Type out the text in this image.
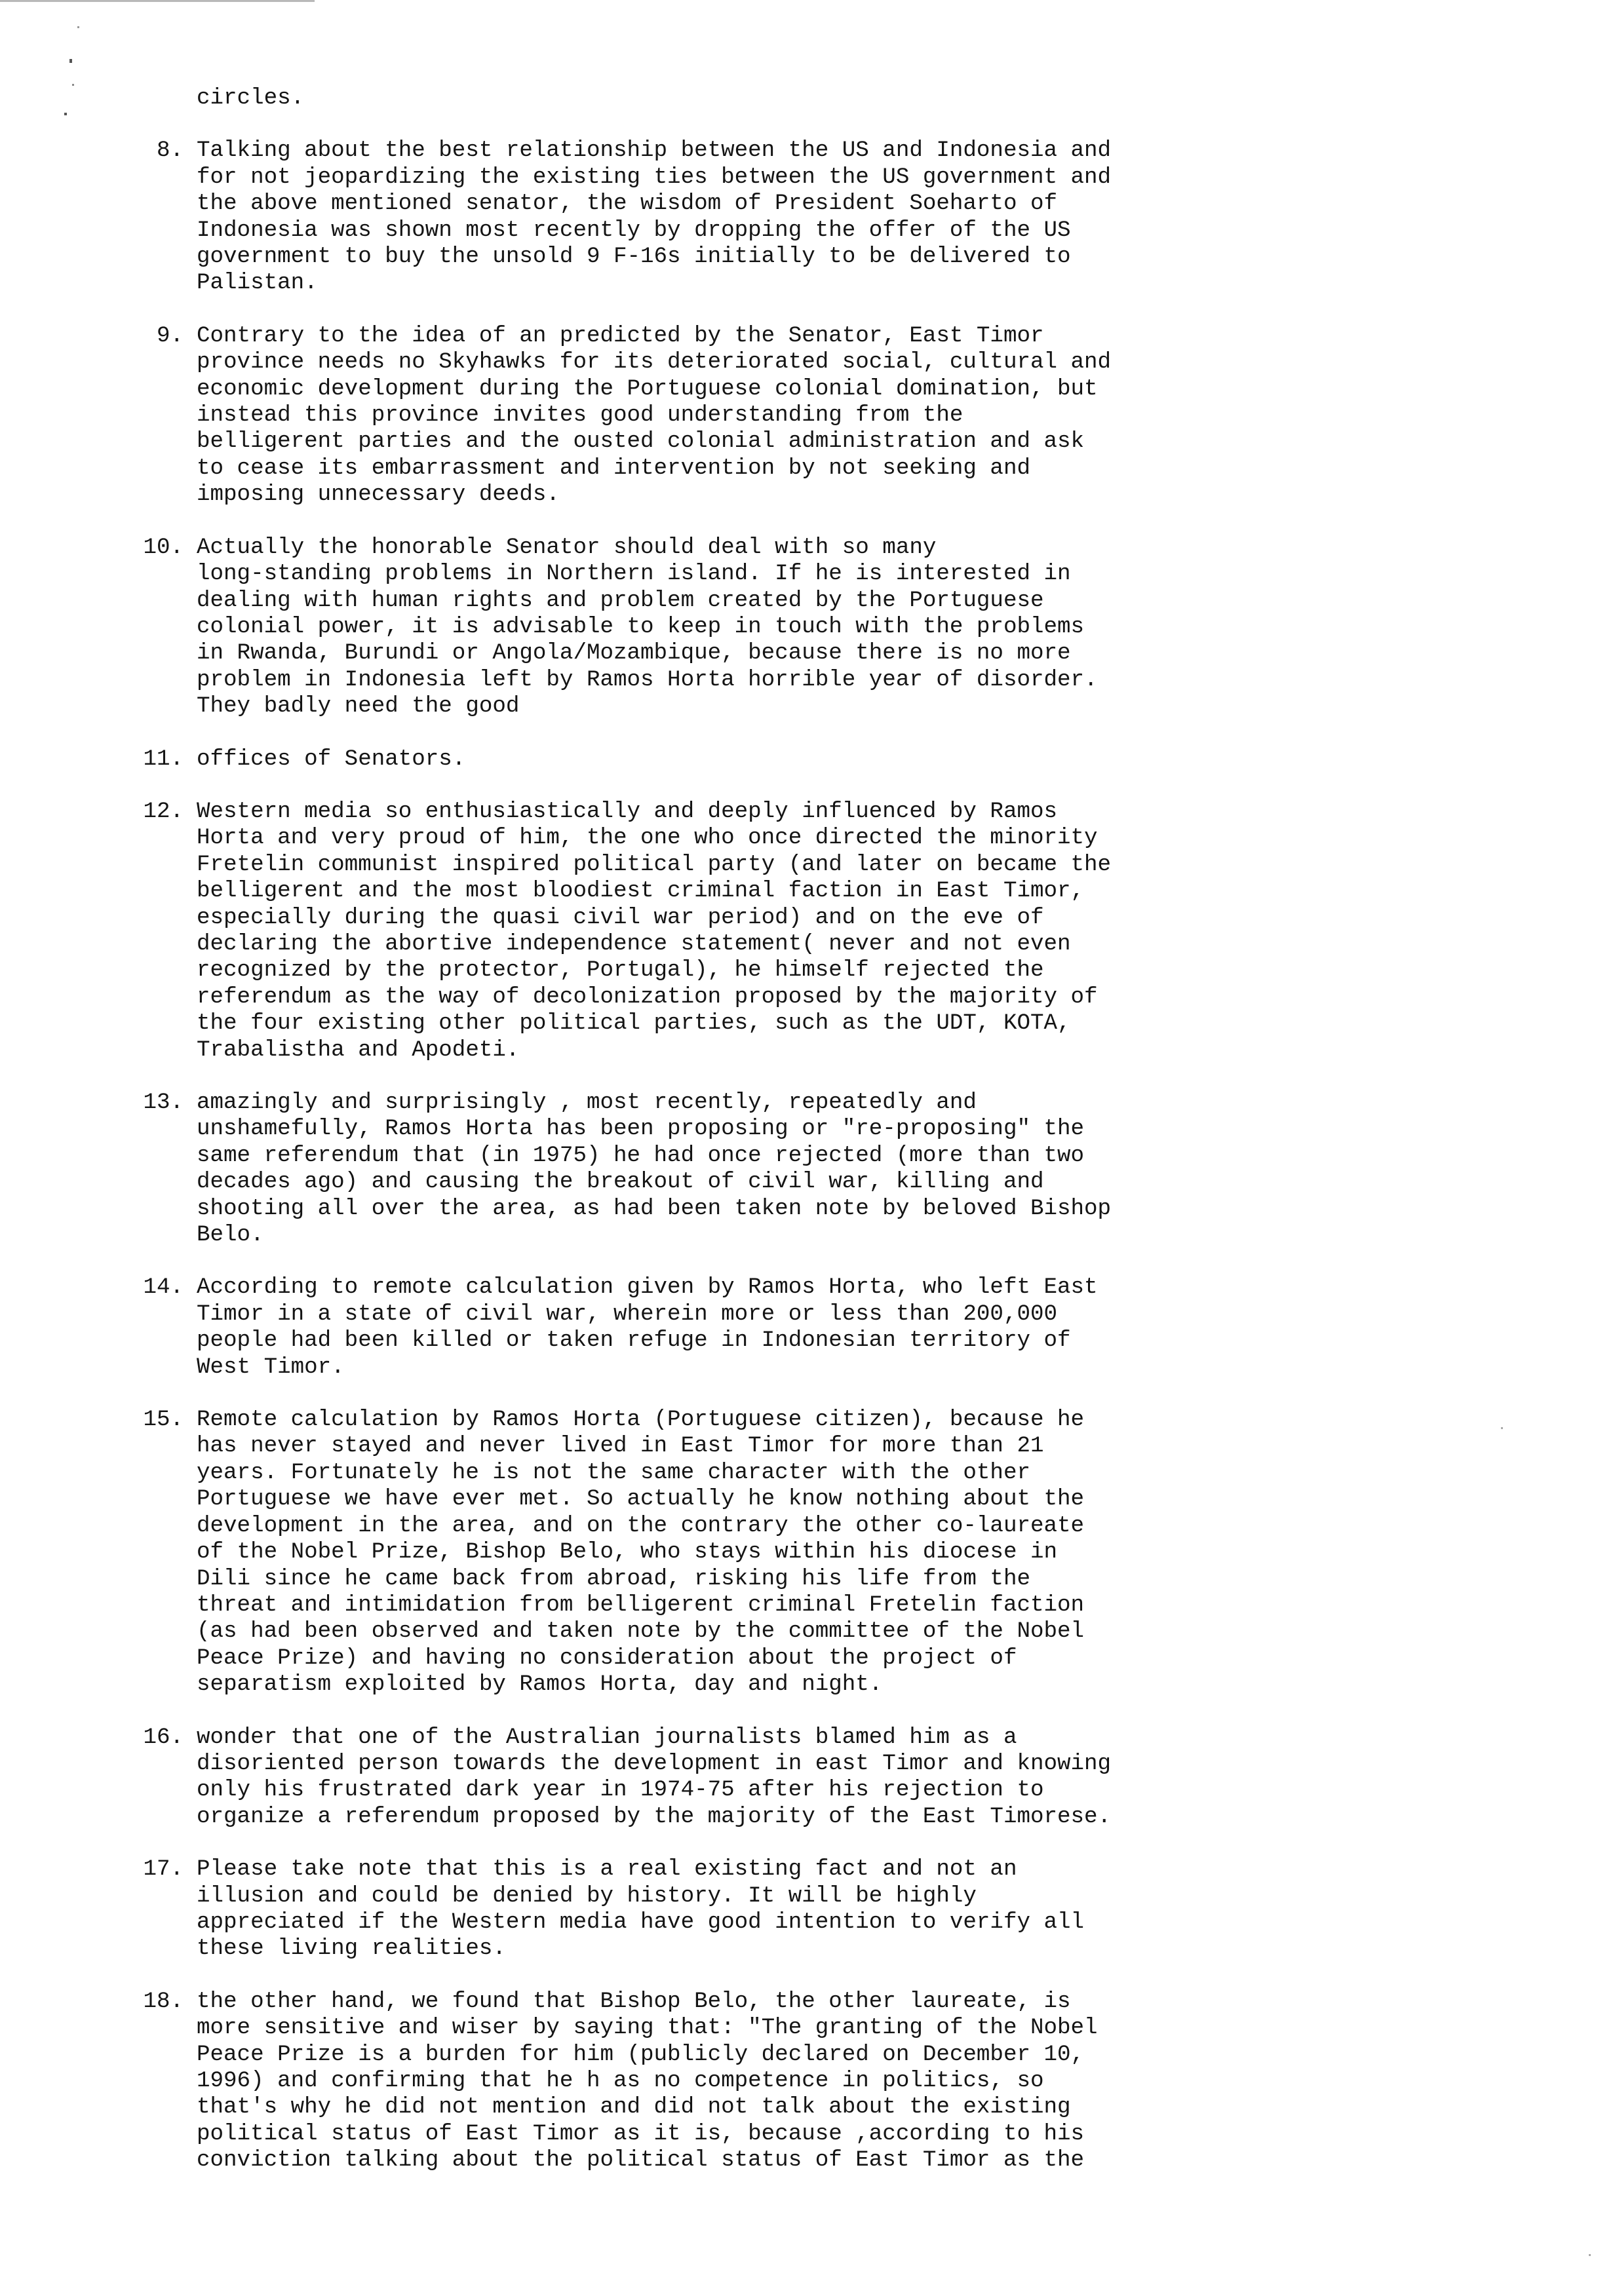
circles.
8. Talking about the best relationship between the US and Indonesia and
for not jeopardizing the existing ties between the US government and
the above mentioned senator, the wisdom of President Soeharto of
Indonesia was shown most recently by dropping the offer of the US
government to buy the unsold 9 F-16s initially to be delivered to
Palistan.
9. Contrary to the idea of an predicted by the Senator, East Timor
province needs no Skyhawks for its deteriorated social, cultural and
economic development during the Portuguese colonial domination, but
instead this province invites good understanding from the
belligerent parties and the ousted colonial administration and ask
to cease its embarrassment and intervention by not seeking and
imposing unnecessary deeds.
10. Actually the honorable Senator should deal with so many
long-standing problems in Northern island. If he is interested in
dealing with human rights and problem created by the Portuguese
colonial power, it is advisable to keep in touch with the problems
in Rwanda, Burundi or Angola/Mozambique, because there is no more
problem in Indonesia left by Ramos Horta horrible year of disorder.
They badly need the good
11. offices of Senators.
12. Western media so enthusiastically and deeply influenced by Ramos
Horta and very proud of him, the one who once directed the minority
Fretelin communist inspired political party (and later on became the
belligerent and the most bloodiest criminal faction in East Timor,
especially during the quasi civil war period) and on the eve of
declaring the abortive independence statement( never and not even
recognized by the protector, Portugal), he himself rejected the
referendum as the way of decolonization proposed by the majority of
the four existing other political parties, such as the UDT, KOTA,
Trabalistha and Apodeti.
13. amazingly and surprisingly , most recently, repeatedly and
unshamefully, Ramos Horta has been proposing or "re-proposing" the
same referendum that (in 1975) he had once rejected (more than two
decades ago) and causing the breakout of civil war, killing and
shooting all over the area, as had been taken note by beloved Bishop
Belo.
14. According to remote calculation given by Ramos Horta, who left East
Timor in a state of civil war, wherein more or less than 200,000
people had been killed or taken refuge in Indonesian territory of
West Timor.
15. Remote calculation by Ramos Horta (Portuguese citizen), because he
has never stayed and never lived in East Timor for more than 21
years. Fortunately he is not the same character with the other
Portuguese we have ever met. So actually he know nothing about the
development in the area, and on the contrary the other co-laureate
of the Nobel Prize, Bishop Belo, who stays within his diocese in
Dili since he came back from abroad, risking his life from the
threat and intimidation from belligerent criminal Fretelin faction
(as had been observed and taken note by the committee of the Nobel
Peace Prize) and having no consideration about the project of
separatism exploited by Ramos Horta, day and night.
16. wonder that one of the Australian journalists blamed him as a
disoriented person towards the development in east Timor and knowing
only his frustrated dark year in 1974-75 after his rejection to
organize a referendum proposed by the majority of the East Timorese.
17. Please take note that this is a real existing fact and not an
illusion and could be denied by history. It will be highly
appreciated if the Western media have good intention to verify all
these living realities.
18. the other hand, we found that Bishop Belo, the other laureate, is
more sensitive and wiser by saying that: "The granting of the Nobel
Peace Prize is a burden for him (publicly declared on December 10,
1996) and confirming that he h as no competence in politics, so
that's why he did not mention and did not talk about the existing
political status of East Timor as it is, because ,according to his
conviction talking about the political status of East Timor as the
